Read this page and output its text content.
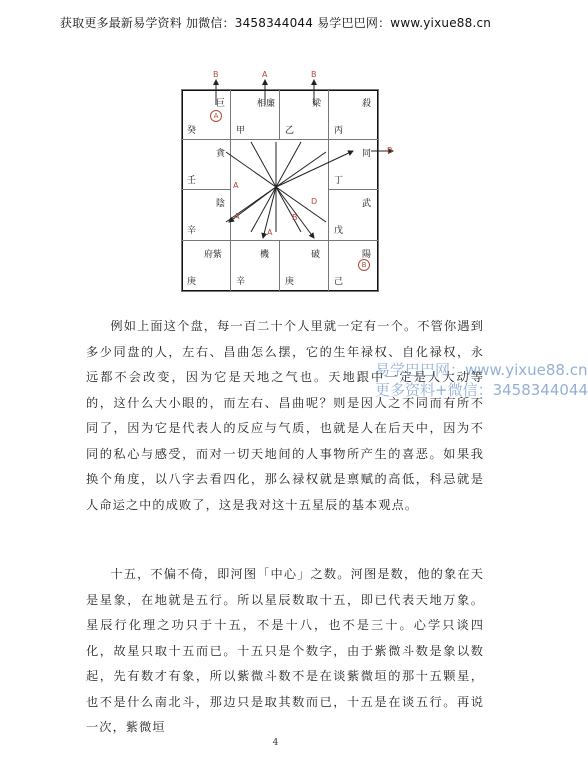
获取更多最新易学资料 加微信：3458344044 易学巴巴网：www.yixue88.cn
巨
癸
相廉
甲
梁
乙
殺
丙
貪
壬
同
丁
陰
辛
武
戊
府紫
庚
機
辛
破
庚
陽
己
A
B
B	A	B
B
A
A
A
D
B

例如上面这个盘，每一百二十个人里就一定有一个。不管你遇到多少同盘的人，左右、昌曲怎么摆，它的生年禄权、自化禄权，永远都不会改变，因为它是天地之气也。天地跟中一定是人大动等的，这什么大小眼的，而左右、昌曲呢？则是因人之不同而有所不同了，因为它是代表人的反应与气质，也就是人在后天中，因为不同的私心与感受，而对一切天地间的人事物所产生的喜恶。如果我换个角度，以八字去看四化，那么禄权就是禀赋的高低，科忌就是人命运之中的成败了，这是我对这十五星辰的基本观点。

十五，不偏不倚，即河图「中心」之数。河图是数，他的象在天是星象，在地就是五行。所以星辰数取十五，即已代表天地万象。星辰行化理之功只于十五，不是十八，也不是三十。心学只谈四化，故星只取十五而已。十五只是个数字，由于紫微斗数是象以数起，先有数才有象，所以紫微斗数不是在谈紫微垣的那十五颗星，也不是什么南北斗，那边只是取其数而已，十五是在谈五行。再说一次，紫微垣

易学巴巴网：www.yixue88.cn
更多资料+微信：3458344044
4
